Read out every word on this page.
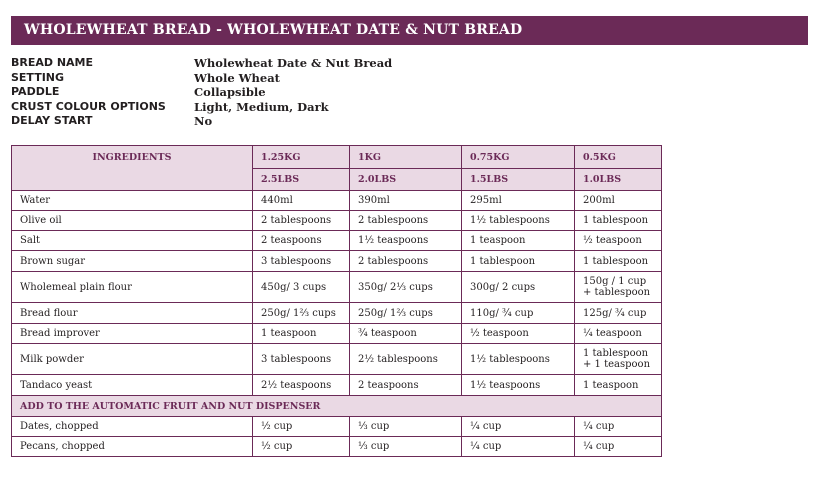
WHOLEWHEAT BREAD - WHOLEWHEAT DATE & NUT BREAD
BREAD NAME	Wholewheat Date & Nut Bread
SETTING	Whole Wheat
PADDLE	Collapsible
CRUST COLOUR OPTIONS Light, Medium, Dark
DELAY START	No
INGREDIENTS	1.25KG	1KG	0.75KG	0.5KG
	2.5LBS	2.0LBS	1.5LBS	1.0LBS
Water	440ml	390ml	295ml	200ml
Olive oil	2 tablespoons	2 tablespoons	1½ tablespoons	1 tablespoon
Salt	2 teaspoons	1½ teaspoons	1 teaspoon	½ teaspoon
Brown sugar	3 tablespoons	2 tablespoons	1 tablespoon	1 tablespoon
Wholemeal plain flour	450g/ 3 cups	350g/ 2⅓ cups	300g/ 2 cups	150g / 1 cup + tablespoon
Bread flour	250g/ 1⅔ cups	250g/ 1⅔ cups	110g/ ¾ cup	125g/ ¾ cup
Bread improver	1 teaspoon	¾ teaspoon	½ teaspoon	¼ teaspoon
Milk powder	3 tablespoons	2½ tablespoons	1½ tablespoons	1 tablespoon + 1 teaspoon
Tandaco yeast	2½ teaspoons	2 teaspoons	1½ teaspoons	1 teaspoon
ADD TO THE AUTOMATIC FRUIT AND NUT DISPENSER				
Dates, chopped	½ cup	⅓ cup	¼ cup	¼ cup
Pecans, chopped	½ cup	⅓ cup	¼ cup	¼ cup
